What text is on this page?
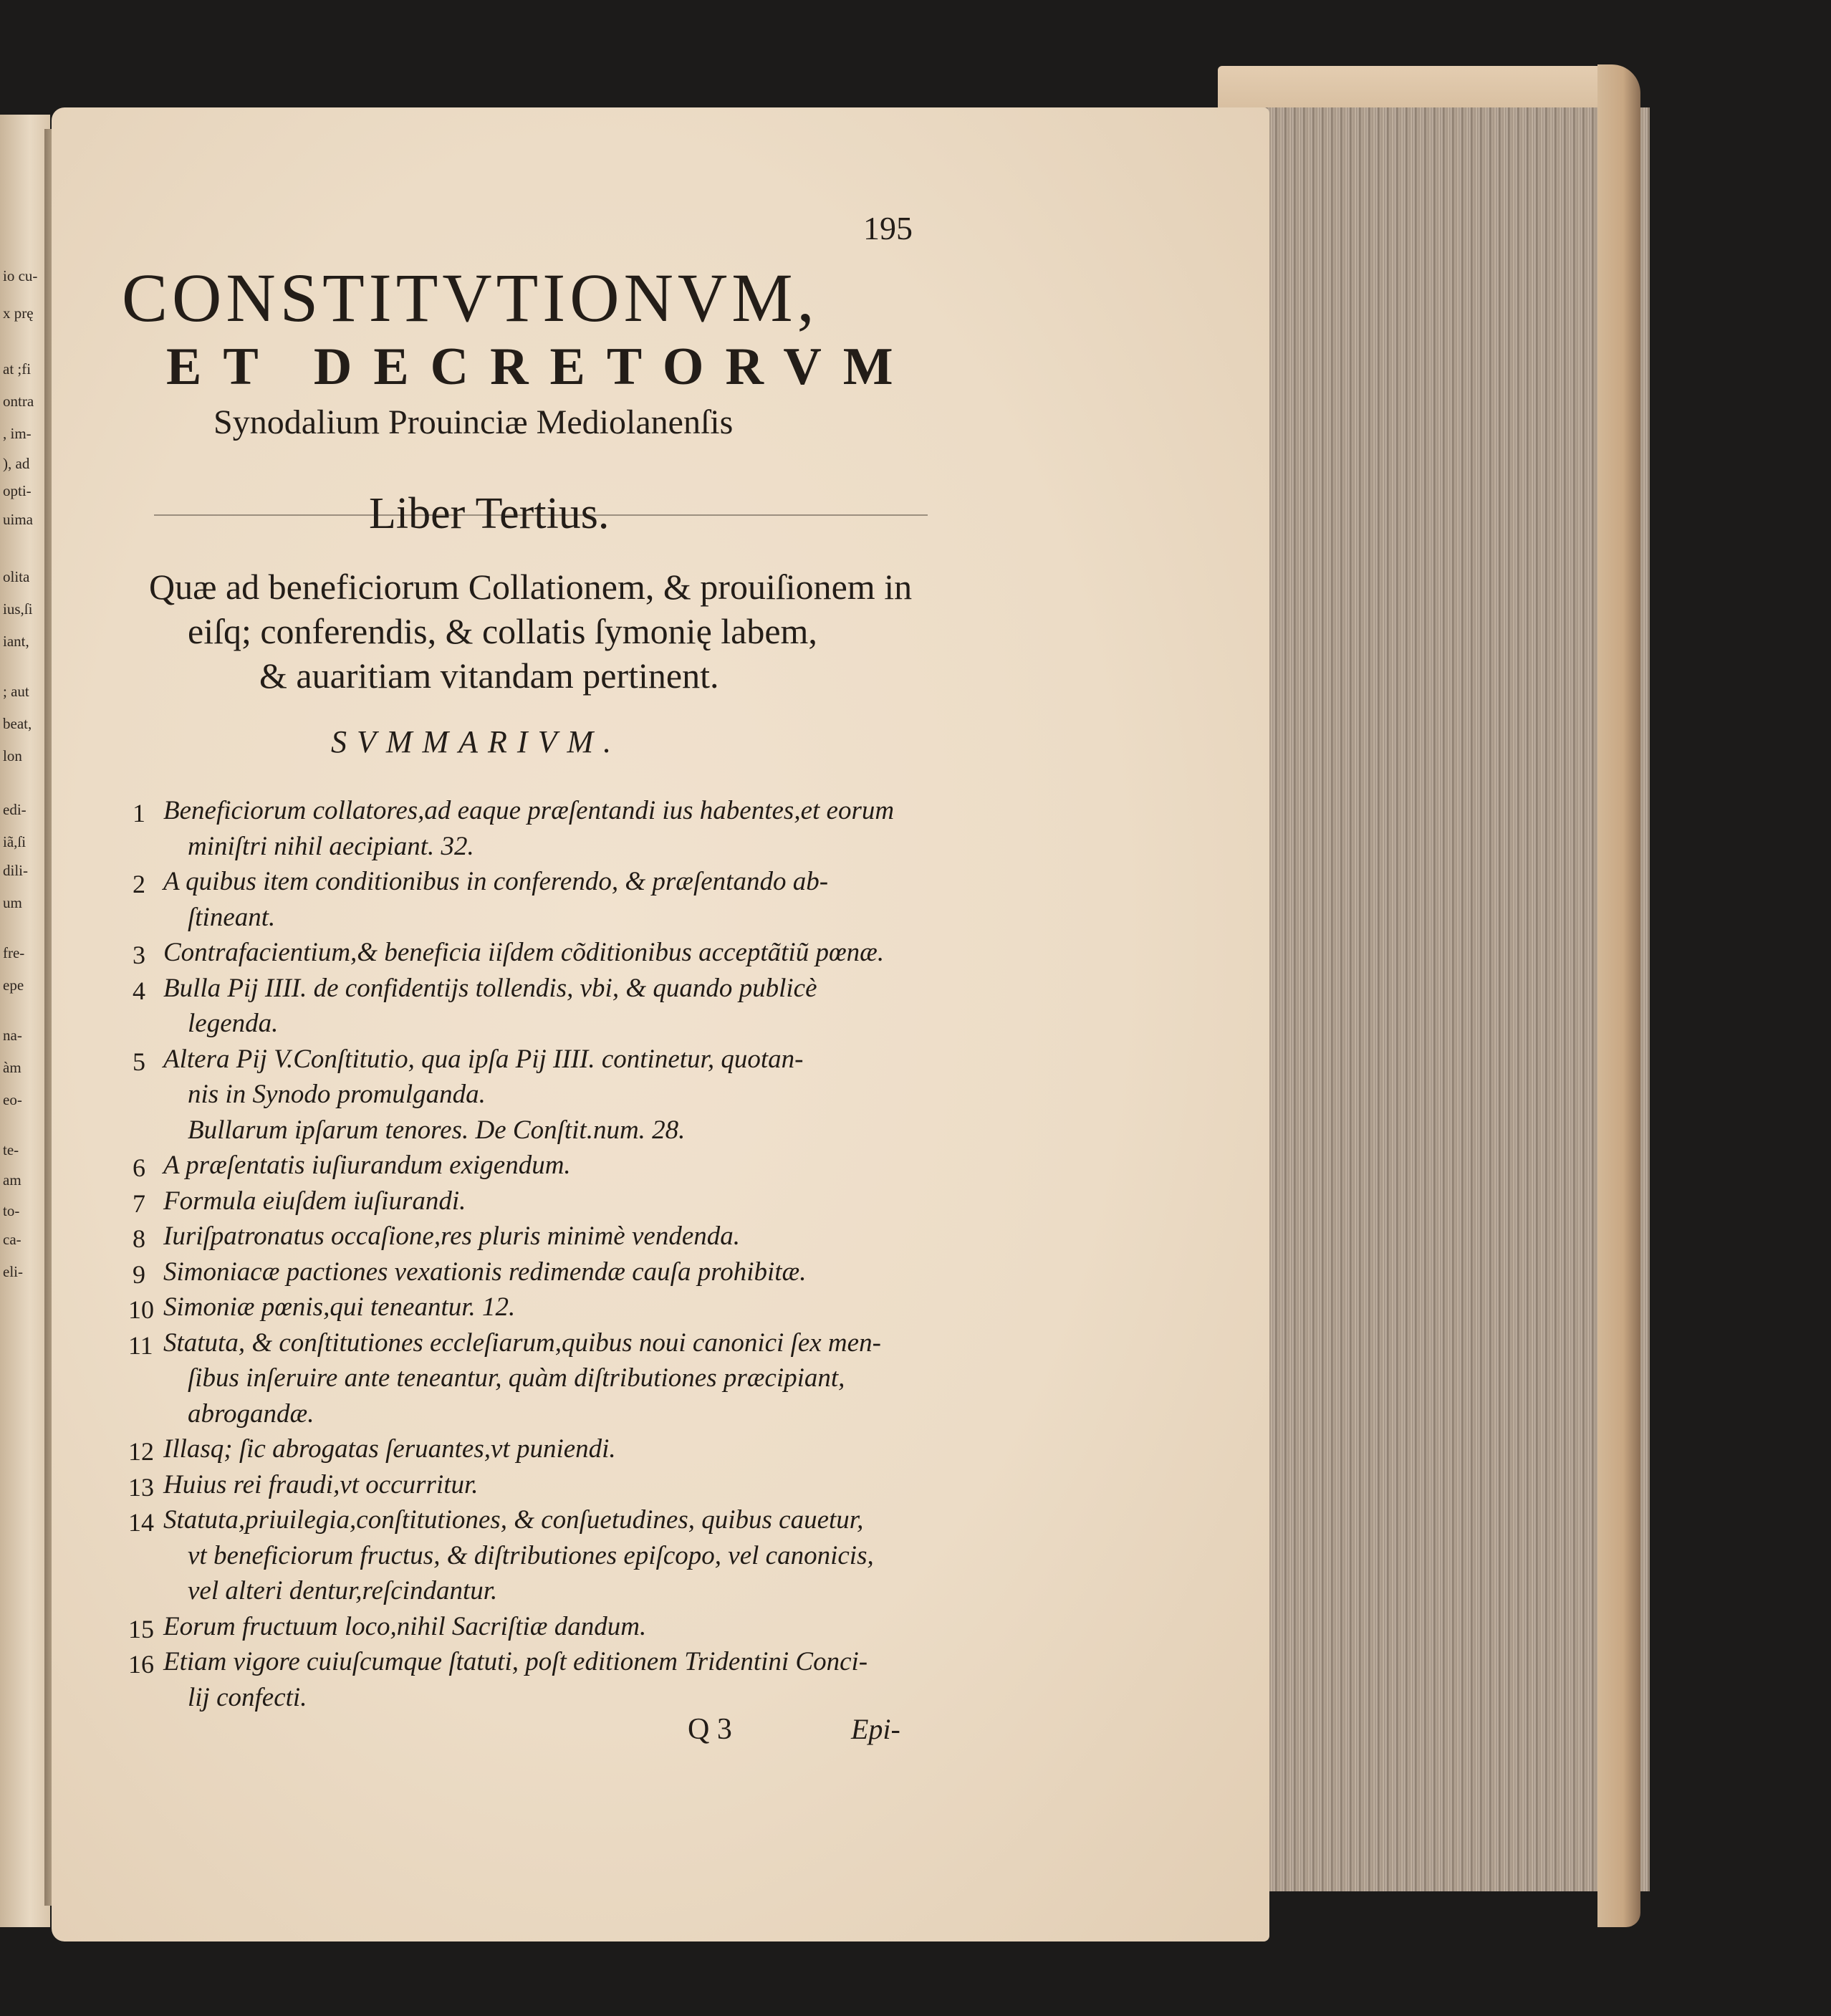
io cu-
x prę
at ;fi
ontra
, im-
), ad
opti-
uima
olita
ius,ſi
iant,
; aut
beat,
lon
edi-
iã,ſi
dili-
um
fre-
epe
na-
àm
eo-
te-
am
to-
ca-
eli-
195
CONSTITVTIONVM,
ET DECRETORVM
Synodalium Prouinciæ Mediolanenſis
Liber Tertius.
Quæ ad beneficiorum Collationem, & prouiſionem in
eiſq; conferendis, & collatis ſymonię labem,
& auaritiam vitandam pertinent.
SVMMARIVM.
1 Beneficiorum collatores,ad eaque præſentandi ius habentes,et eorum
miniſtri nihil aecipiant. 32.
2 A quibus item conditionibus in conferendo, & præſentando ab-
ſtineant.
3 Contrafacientium,& beneficia iiſdem cõditionibus acceptãtiũ pœnæ.
4 Bulla Pij IIII. de confidentijs tollendis, vbi, & quando publicè
legenda.
5 Altera Pij V.Conſtitutio, qua ipſa Pij IIII. continetur, quotan-
nis in Synodo promulganda.
Bullarum ipſarum tenores. De Conſtit.num. 28.
6 A præſentatis iuſiurandum exigendum.
7 Formula eiuſdem iuſiurandi.
8 Iuriſpatronatus occaſione,res pluris minimè vendenda.
9 Simoniacæ pactiones vexationis redimendæ cauſa prohibitæ.
10 Simoniæ pœnis,qui teneantur. 12.
11 Statuta, & conſtitutiones eccleſiarum,quibus noui canonici ſex men-
ſibus inſeruire ante teneantur, quàm diſtributiones præcipiant,
abrogandæ.
12 Illasq; ſic abrogatas ſeruantes,vt puniendi.
13 Huius rei fraudi,vt occurritur.
14 Statuta,priuilegia,conſtitutiones, & conſuetudines, quibus cauetur,
vt beneficiorum fructus, & diſtributiones epiſcopo, vel canonicis,
vel alteri dentur,reſcindantur.
15 Eorum fructuum loco,nihil Sacriſtiæ dandum.
16 Etiam vigore cuiuſcumque ſtatuti, poſt editionem Tridentini Conci-
lij confecti.
Q 3	Epi-
